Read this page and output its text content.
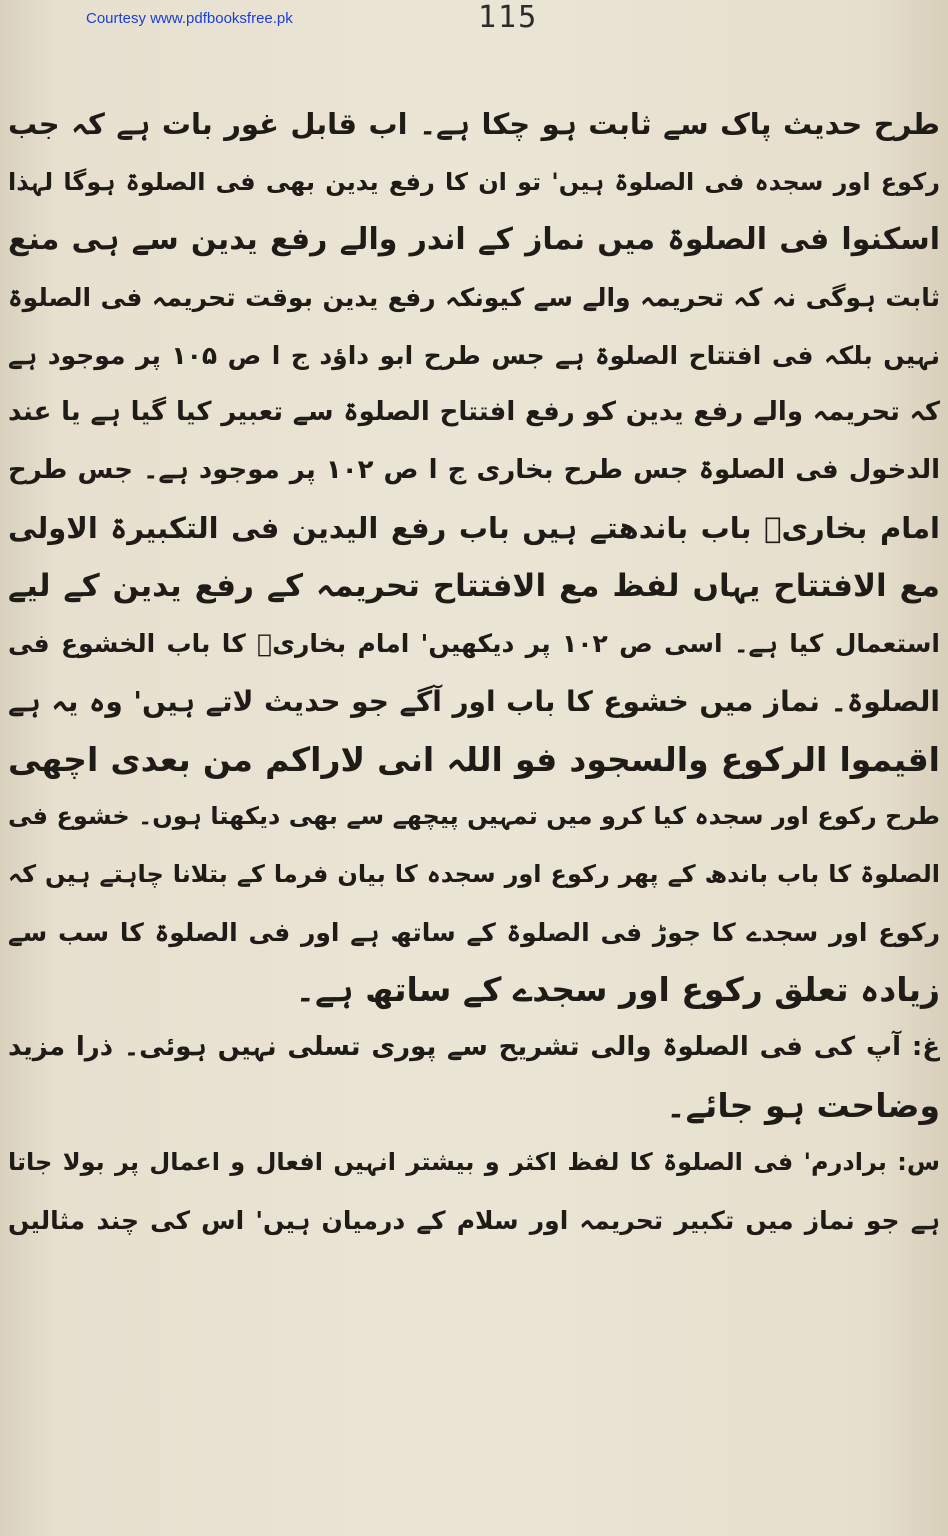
Courtesy www.pdfbooksfree.pk	115
طرح حدیث پاک سے ثابت ہو چکا ہے۔ اب قابل غور بات ہے کہ جب
رکوع اور سجدہ فی الصلوۃ ہیں' تو ان کا رفع یدین بھی فی الصلوۃ ہوگا لہذا
اسکنوا فی الصلوۃ میں نماز کے اندر والے رفع یدین سے ہی منع
ثابت ہوگی نہ کہ تحریمہ والے سے کیونکہ رفع یدین بوقت تحریمہ فی الصلوۃ
نہیں بلکہ فی افتتاح الصلوۃ ہے جس طرح ابو داؤد ج ا ص ۱۰۵ پر موجود ہے
کہ تحریمہ والے رفع یدین کو رفع افتتاح الصلوۃ سے تعبیر کیا گیا ہے یا عند
الدخول فی الصلوۃ جس طرح بخاری ج ا ص ۱۰۲ پر موجود ہے۔ جس طرح
امام بخاریؒ باب باندھتے ہیں باب رفع الیدین فی التکبیرۃ الاولی
مع الافتتاح یہاں لفظ مع الافتتاح تحریمہ کے رفع یدین کے لیے
استعمال کیا ہے۔ اسی ص ۱۰۲ پر دیکھیں' امام بخاریؒ کا باب الخشوع فی
الصلوۃ۔ نماز میں خشوع کا باب اور آگے جو حدیث لاتے ہیں' وہ یہ ہے
اقیموا الرکوع والسجود فو اللہ انی لاراکم من بعدی اچھی
طرح رکوع اور سجدہ کیا کرو میں تمہیں پیچھے سے بھی دیکھتا ہوں۔ خشوع فی
الصلوۃ کا باب باندھ کے پھر رکوع اور سجدہ کا بیان فرما کے بتلانا چاہتے ہیں کہ
رکوع اور سجدے کا جوڑ فی الصلوۃ کے ساتھ ہے اور فی الصلوۃ کا سب سے
زیادہ تعلق رکوع اور سجدے کے ساتھ ہے۔
غ: آپ کی فی الصلوۃ والی تشریح سے پوری تسلی نہیں ہوئی۔ ذرا مزید
وضاحت ہو جائے۔
س: برادرم' فی الصلوۃ کا لفظ اکثر و بیشتر انہیں افعال و اعمال پر بولا جاتا
ہے جو نماز میں تکبیر تحریمہ اور سلام کے درمیان ہیں' اس کی چند مثالیں
